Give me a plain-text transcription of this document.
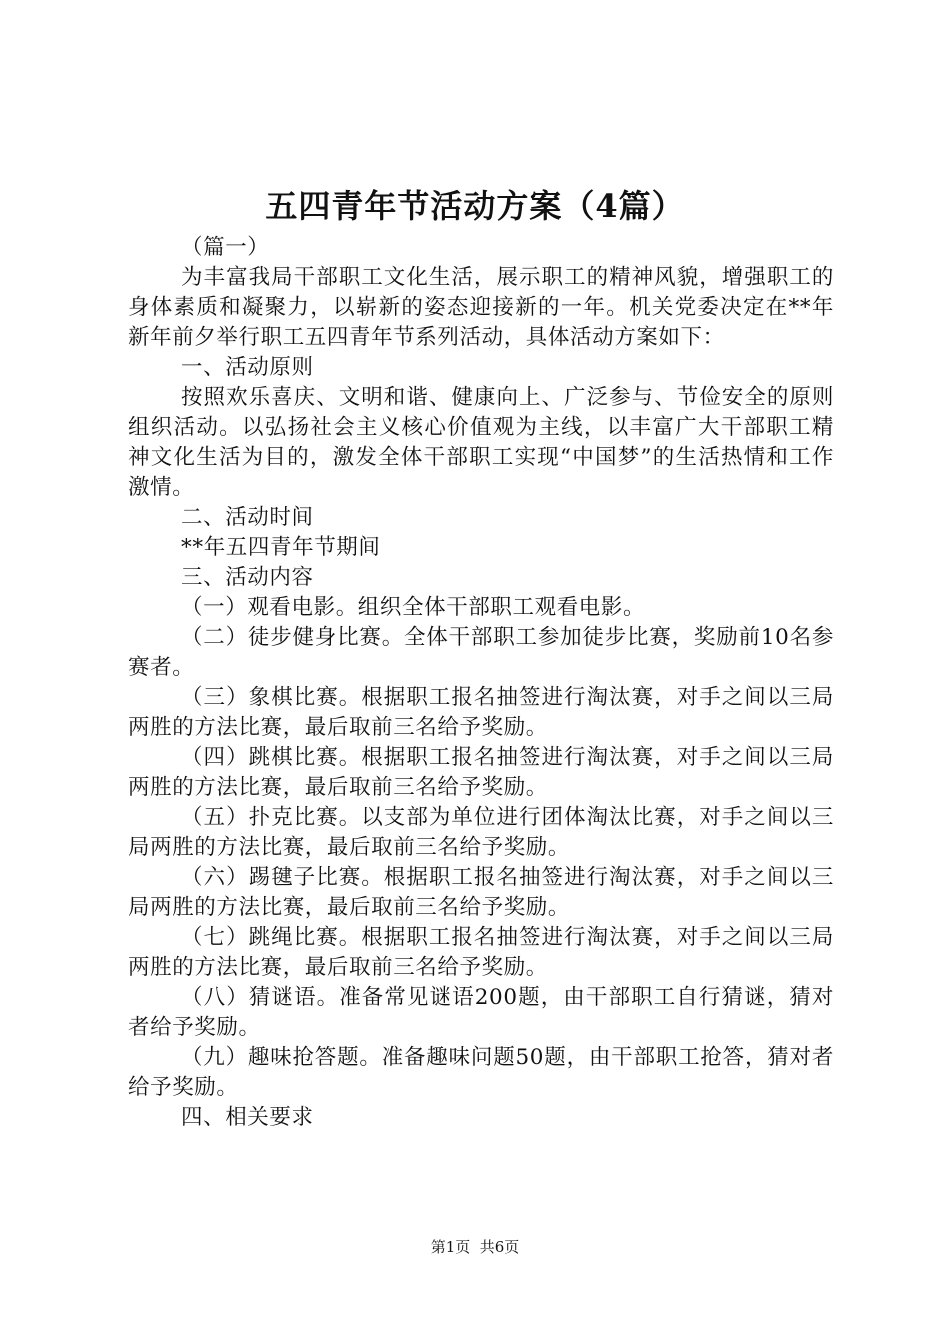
五四青年节活动方案（4篇）

（篇一）

为丰富我局干部职工文化生活，展示职工的精神风貌，增强职工的身体素质和凝聚力，以崭新的姿态迎接新的一年。机关党委决定在**年新年前夕举行职工五四青年节系列活动，具体活动方案如下：

一、活动原则

按照欢乐喜庆、文明和谐、健康向上、广泛参与、节俭安全的原则组织活动。以弘扬社会主义核心价值观为主线，以丰富广大干部职工精神文化生活为目的，激发全体干部职工实现“中国梦”的生活热情和工作激情。

二、活动时间

**年五四青年节期间

三、活动内容

（一）观看电影。组织全体干部职工观看电影。

（二）徒步健身比赛。全体干部职工参加徒步比赛，奖励前10名参赛者。

（三）象棋比赛。根据职工报名抽签进行淘汰赛，对手之间以三局两胜的方法比赛，最后取前三名给予奖励。

（四）跳棋比赛。根据职工报名抽签进行淘汰赛，对手之间以三局两胜的方法比赛，最后取前三名给予奖励。

（五）扑克比赛。以支部为单位进行团体淘汰比赛，对手之间以三局两胜的方法比赛，最后取前三名给予奖励。

（六）踢毽子比赛。根据职工报名抽签进行淘汰赛，对手之间以三局两胜的方法比赛，最后取前三名给予奖励。

（七）跳绳比赛。根据职工报名抽签进行淘汰赛，对手之间以三局两胜的方法比赛，最后取前三名给予奖励。

（八）猜谜语。准备常见谜语200题，由干部职工自行猜谜，猜对者给予奖励。

（九）趣味抢答题。准备趣味问题50题，由干部职工抢答，猜对者给予奖励。

四、相关要求

第1页  共6页
